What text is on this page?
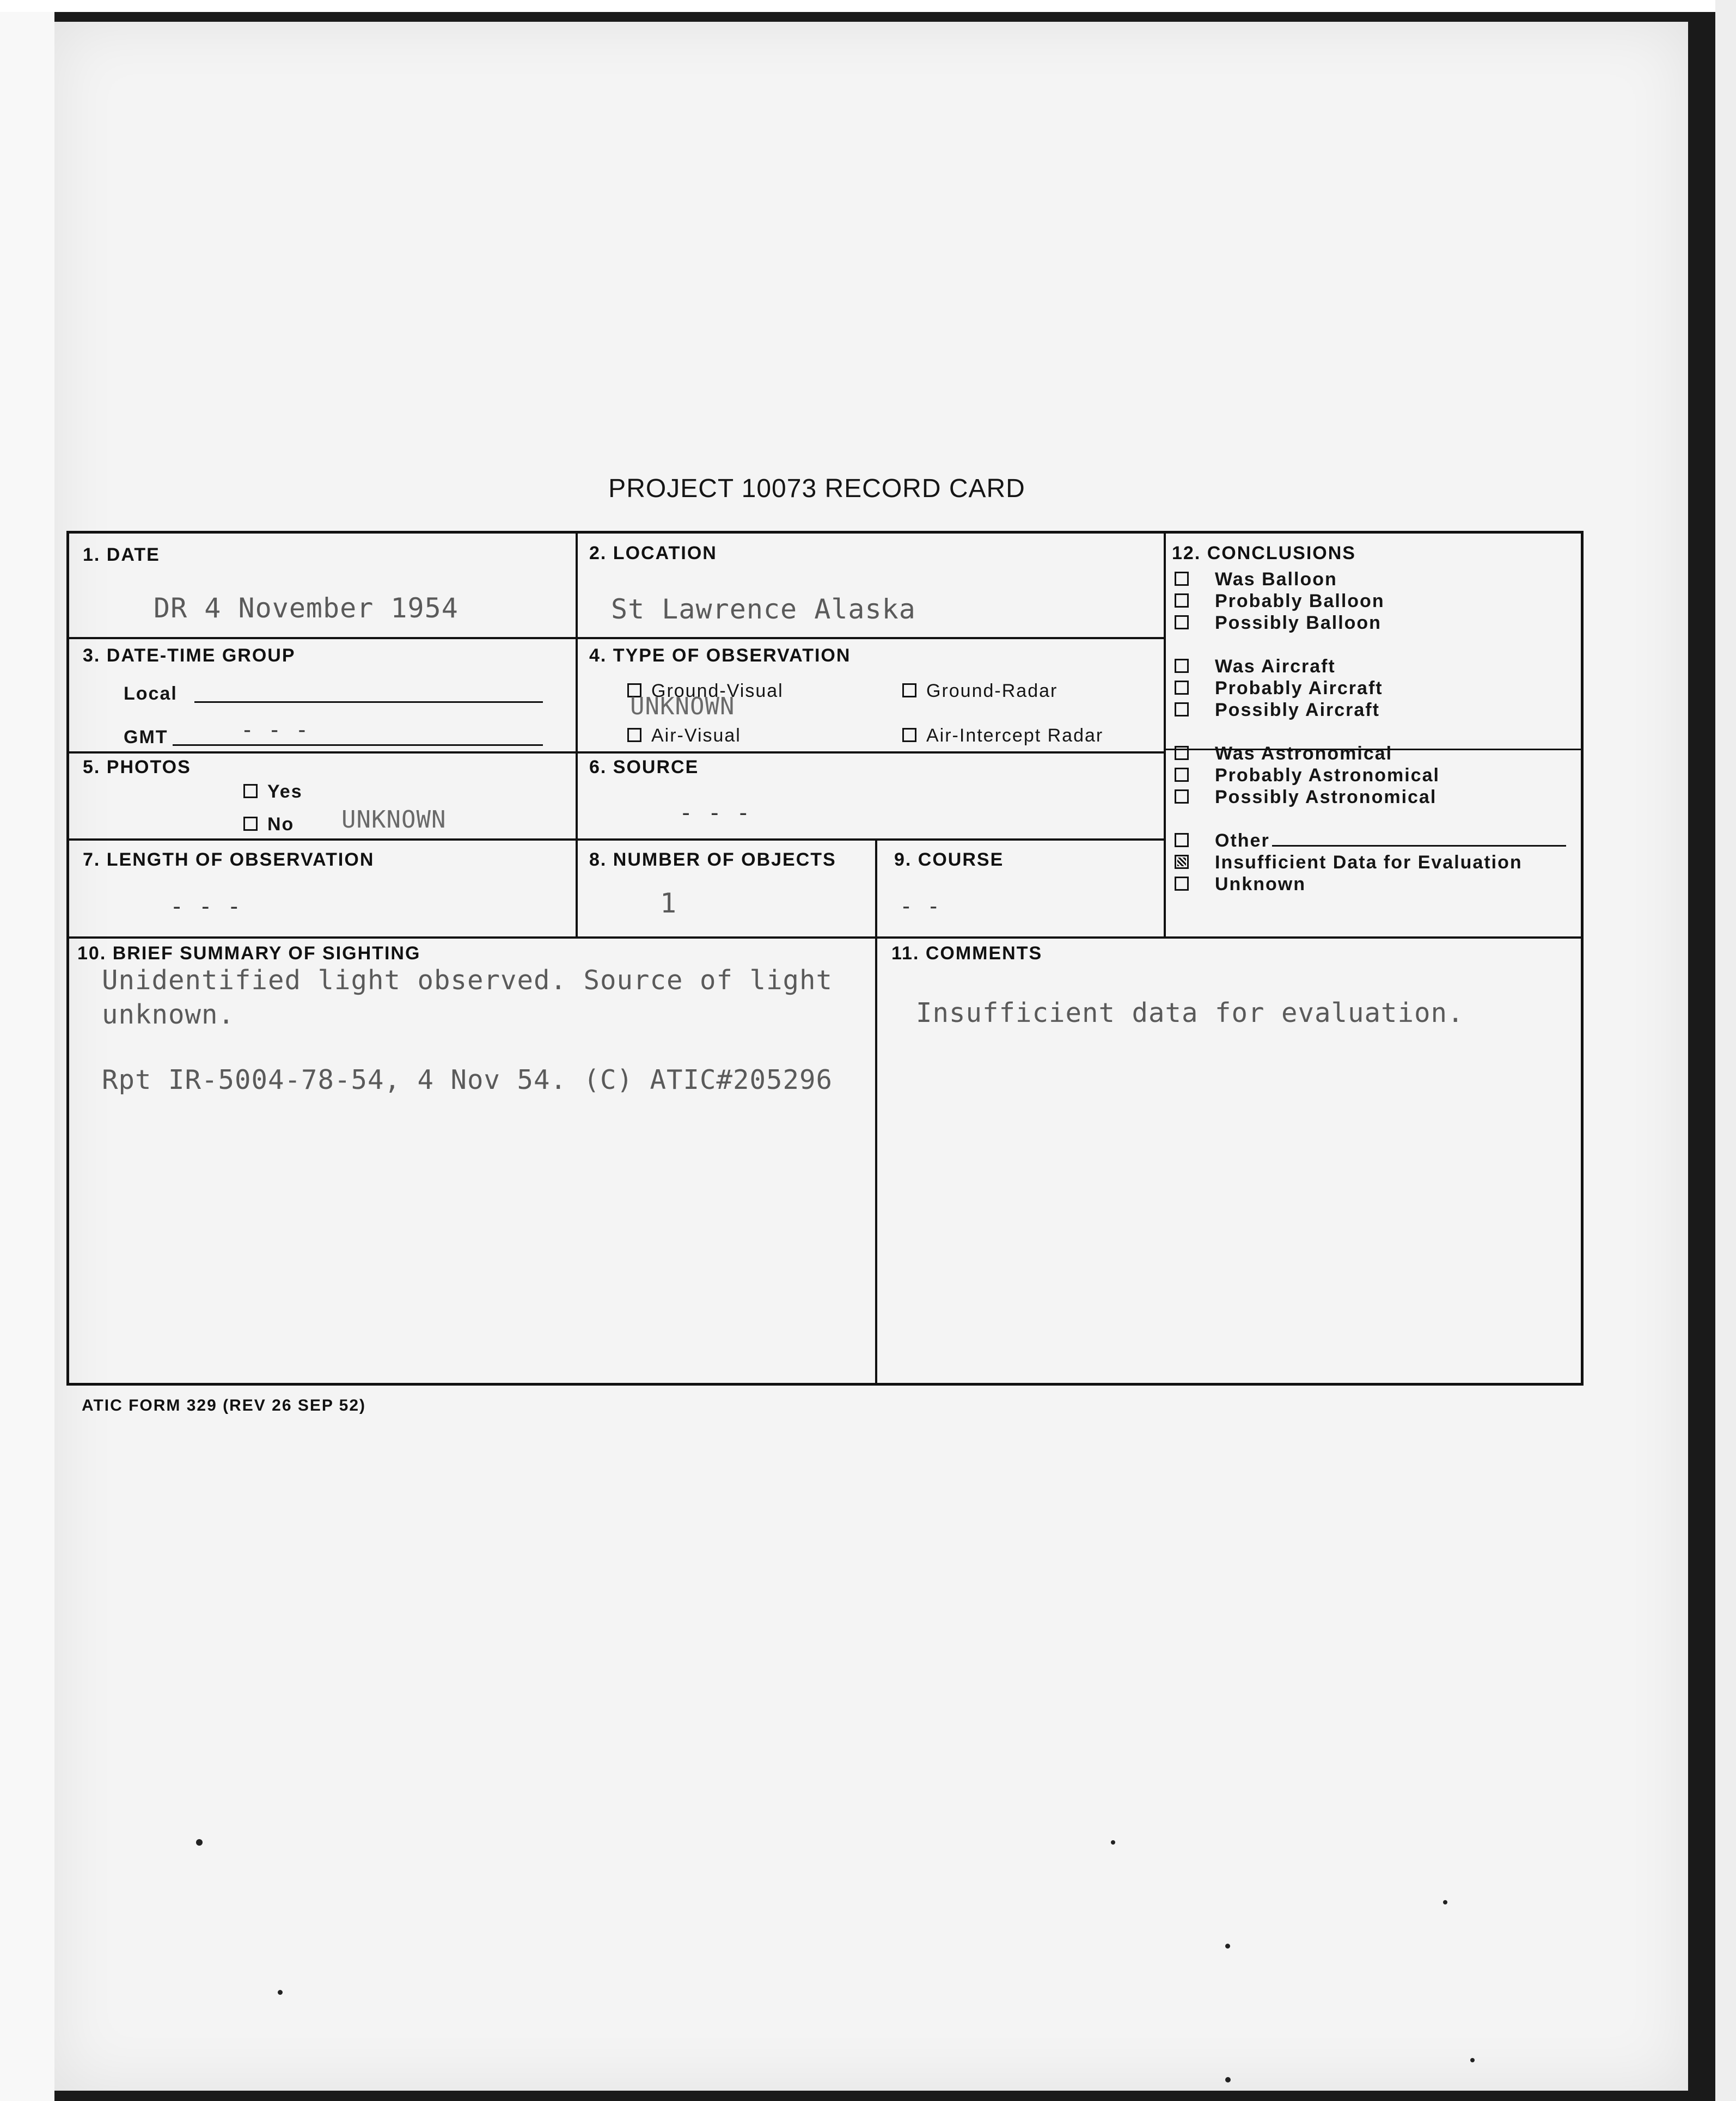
PROJECT 10073 RECORD CARD
1. DATE
DR 4 November 1954
2. LOCATION
St Lawrence Alaska
3. DATE-TIME GROUP
Local
GMT	- - -
4. TYPE OF OBSERVATION
Ground-Visual	Ground-Radar
UNKNOWN
Air-Visual	Air-Intercept Radar
5. PHOTOS
Yes
No UNKNOWN
6. SOURCE
- - -
7. LENGTH OF OBSERVATION
- - -
8. NUMBER OF OBJECTS
1
9. COURSE
- -
10. BRIEF SUMMARY OF SIGHTING
Unidentified light observed. Source of light
unknown.
Rpt IR-5004-78-54, 4 Nov 54. (C) ATIC#205296
11. COMMENTS
Insufficient data for evaluation.
12. CONCLUSIONS
Was Balloon
Probably Balloon
Possibly Balloon
Was Aircraft
Probably Aircraft
Possibly Aircraft
Was Astronomical
Probably Astronomical
Possibly Astronomical
Other
Insufficient Data for Evaluation
Unknown
ATIC FORM 329 (REV 26 SEP 52)
